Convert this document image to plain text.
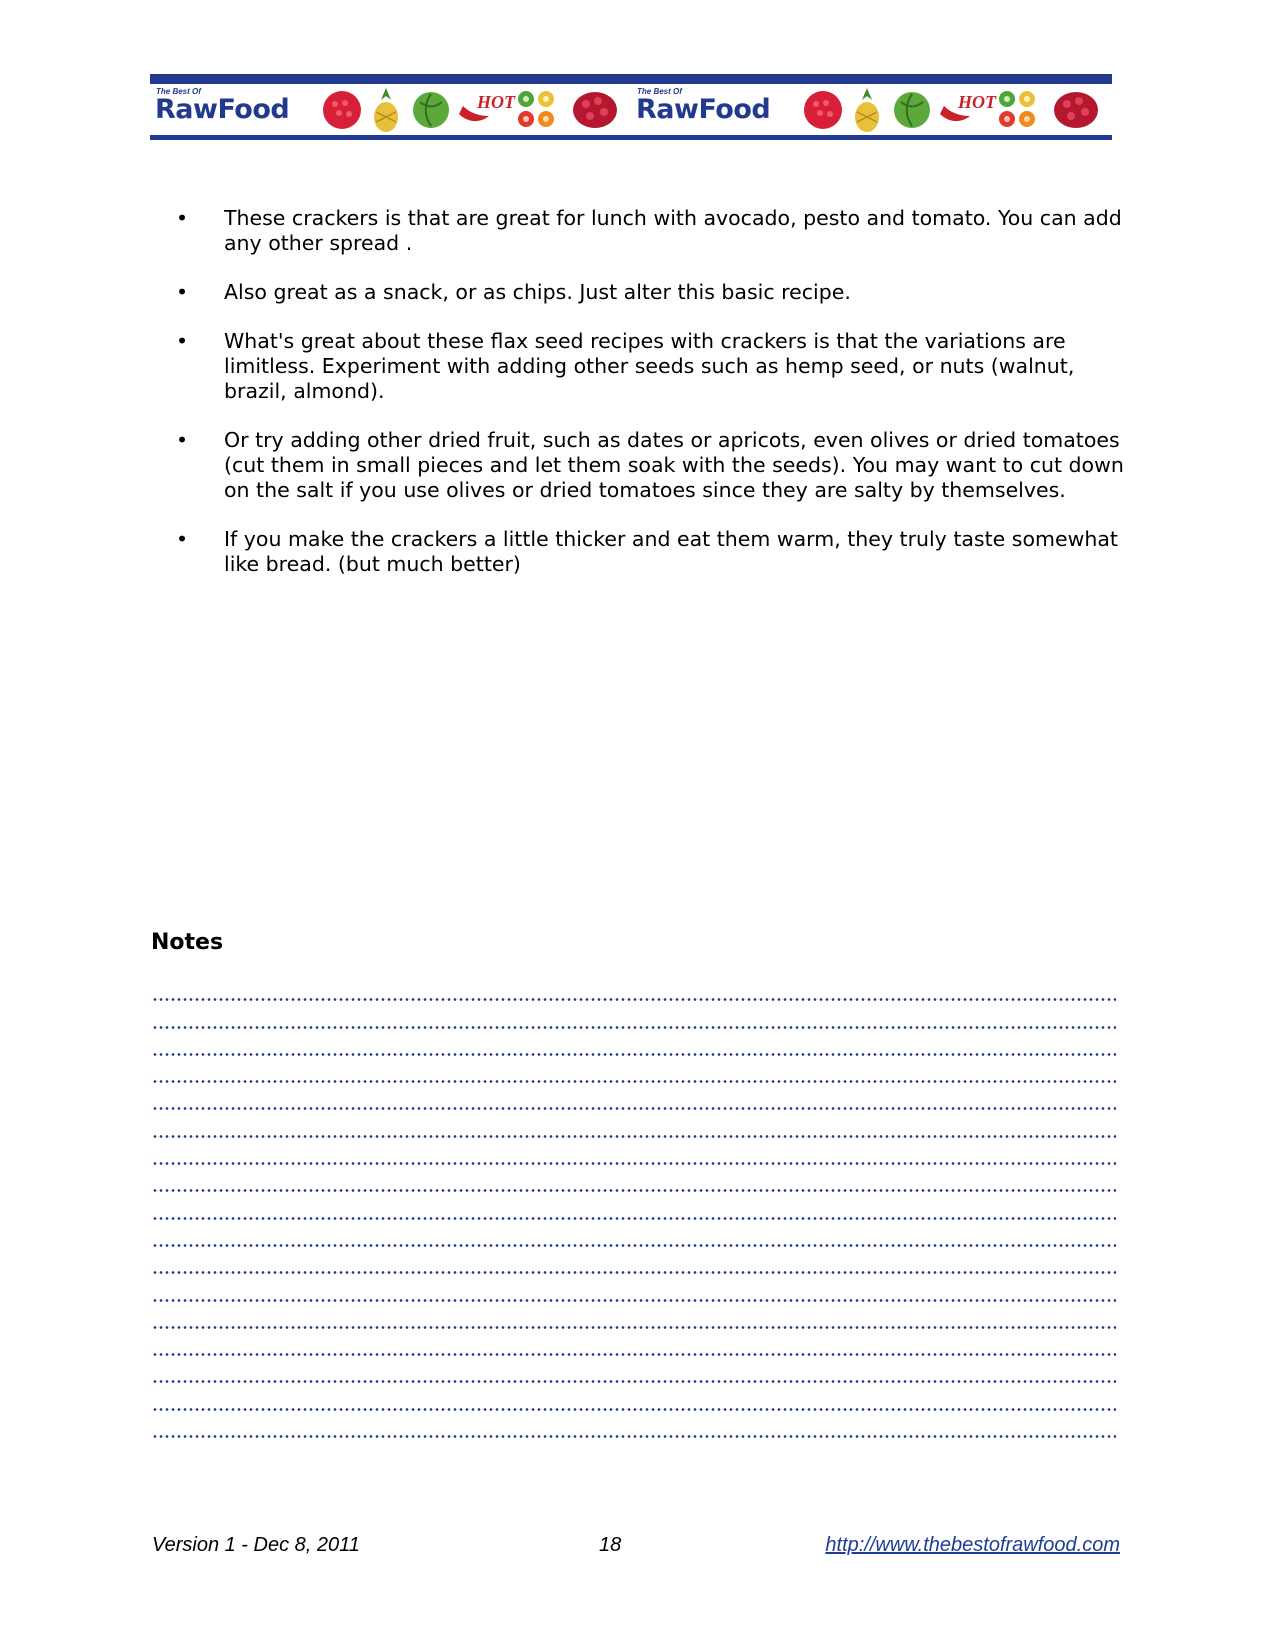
The Best Of
RawFood	HOT
The Best Of
RawFood	HOT
• These crackers is that are great for lunch with avocado, pesto and tomato. You can add any other spread .
• Also great as a snack, or as chips. Just alter this basic recipe.
• What's great about these flax seed recipes with crackers is that the variations are limitless. Experiment with adding other seeds such as hemp seed, or nuts (walnut, brazil, almond).
• Or try adding other dried fruit, such as dates or apricots, even olives or dried tomatoes (cut them in small pieces and let them soak with the seeds). You may want to cut down on the salt if you use olives or dried tomatoes since they are salty by themselves.
• If you make the crackers a little thicker and eat them warm, they truly taste somewhat like bread. (but much better)
Notes
Version 1 - Dec 8, 2011	18	http://www.thebestofrawfood.com
